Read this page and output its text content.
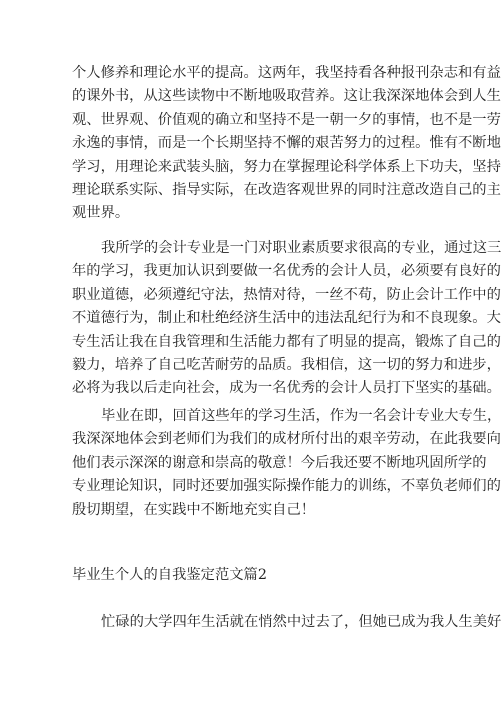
个人修养和理论水平的提高。这两年，我坚持看各种报刊杂志和有益
的课外书，从这些读物中不断地吸取营养。这让我深深地体会到人生
观、世界观、价值观的确立和坚持不是一朝一夕的事情，也不是一劳
永逸的事情，而是一个长期坚持不懈的艰苦努力的过程。惟有不断地
学习，用理论来武装头脑，努力在掌握理论科学体系上下功夫，坚持
理论联系实际、指导实际，在改造客观世界的同时注意改造自己的主
观世界。
我所学的会计专业是一门对职业素质要求很高的专业，通过这三
年的学习，我更加认识到要做一名优秀的会计人员，必须要有良好的
职业道德，必须遵纪守法，热情对待，一丝不苟，防止会计工作中的
不道德行为，制止和杜绝经济生活中的违法乱纪行为和不良现象。大
专生活让我在自我管理和生活能力都有了明显的提高，锻炼了自己的
毅力，培养了自己吃苦耐劳的品质。我相信，这一切的努力和进步，
必将为我以后走向社会，成为一名优秀的会计人员打下坚实的基础。
毕业在即，回首这些年的学习生活，作为一名会计专业大专生，
我深深地体会到老师们为我们的成材所付出的艰辛劳动，在此我要向
他们表示深深的谢意和崇高的敬意！今后我还要不断地巩固所学的
专业理论知识，同时还要加强实际操作能力的训练，不辜负老师们的
殷切期望，在实践中不断地充实自己！
毕业生个人的自我鉴定范文篇2
忙碌的大学四年生活就在悄然中过去了，但她已成为我人生美好
